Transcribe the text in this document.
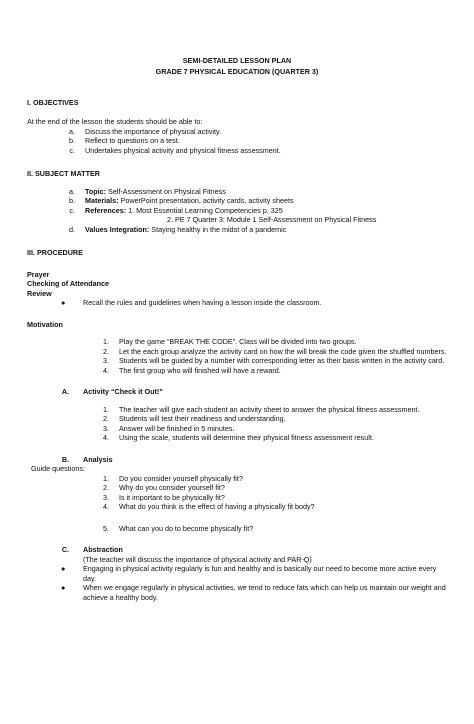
SEMI-DETAILED LESSON PLAN
GRADE 7 PHYSICAL EDUCATION (QUARTER 3)
I. OBJECTIVES
At the end of the lesson the students should be able to:
a.	Discuss the importance of physical activity.
b.	Reflect to questions on a test.
c.	Undertakes physical activity and physical fitness assessment.
II. SUBJECT MATTER
a.	Topic: Self-Assessment on Physical Fitness
b.	Materials: PowerPoint presentation, activity cards, activity sheets
c.	References: 1. Most Essential Learning Competencies p. 325
2. PE 7 Quarter 3: Module 1 Self-Assessment on Physical Fitness
d.	Values Integration: Staying healthy in the midst of a pandemic
III. PROCEDURE
Prayer
Checking of Attendance
Review
●	Recall the rules and guidelines when having a lesson inside the classroom.
Motivation
1.	Play the game “BREAK THE CODE”. Class will be divided into two groups.
2.	Let the each group analyze the activity card on how the will break the code given the shuffled numbers.
3.	Students will be guided by a number with corresponding letter as their basis written in the activity card.
4.	The first group who will finished will have a reward.
A.	Activity “Check it Out!”
1.	The teacher will give each student an activity sheet to answer the physical fitness assessment.
2.	Students will test their readiness and understanding.
3.	Answer will be finished in 5 minutes.
4.	Using the scale, students will determine their physical fitness assessment result.
B.	Analysis
Guide questions:
1.	Do you consider yourself physically fit?
2.	Why do you consider yourself fit?
3.	Is it important to be physically fit?
4.	What do you think is the effect of having a physically fit body?
5.	What can you do to become physically fit?
C.	Abstraction
(The teacher will discuss the importance of physical activity and PAR-Q)
●	Engaging in physical activity regularly is fun and healthy and is basically our need to become more active every day.
●	When we engage regularly in physical activities, we tend to reduce fats which can help us maintain our weight and achieve a healthy body.
